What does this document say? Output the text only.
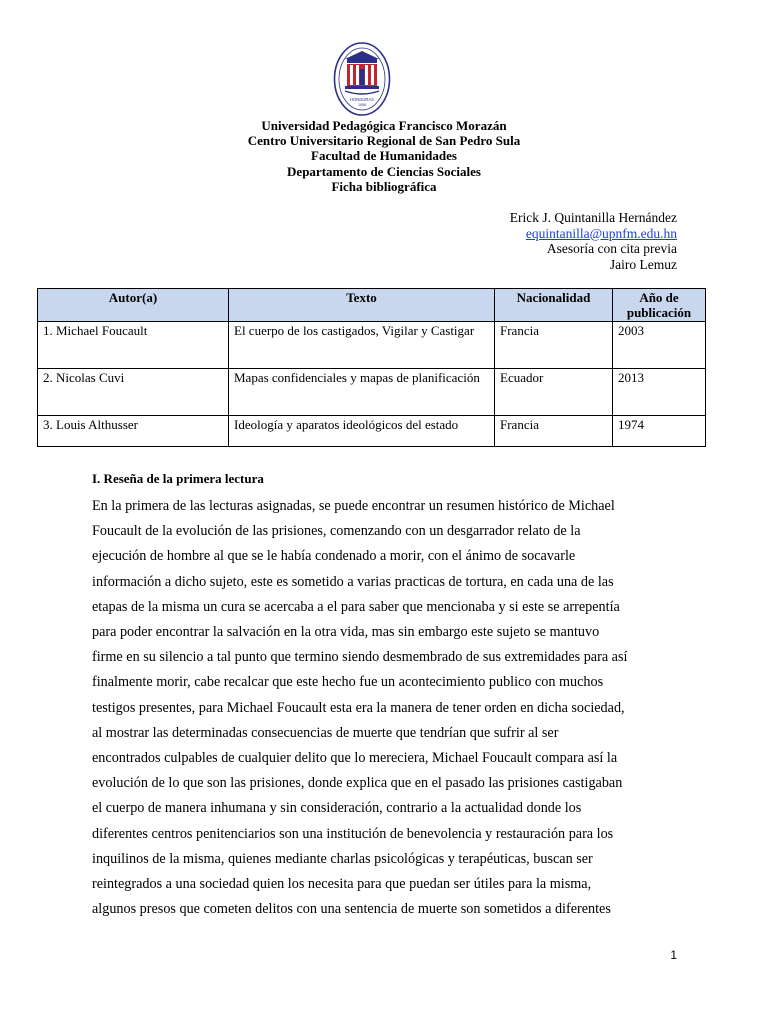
HONDURAS
1956
Universidad Pedagógica Francisco Morazán
Centro Universitario Regional de San Pedro Sula
Facultad de Humanidades
Departamento de Ciencias Sociales
Ficha bibliográfica
Erick J. Quintanilla Hernández
equintanilla@upnfm.edu.hn
Asesoría con cita previa
Jairo Lemuz
Autor(a)	Texto	Nacionalidad	Año de publicación
1. Michael Foucault	El cuerpo de los castigados, Vigilar y Castigar	Francia	2003
2. Nicolas Cuvi	Mapas confidenciales y mapas de planificación	Ecuador	2013
3. Louis Althusser	Ideología y aparatos ideológicos del estado	Francia	1974
I. Reseña de la primera lectura
En la primera de las lecturas asignadas, se puede encontrar un resumen histórico de Michael
Foucault de la evolución de las prisiones, comenzando con un desgarrador relato de la
ejecución de hombre al que se le había condenado a morir, con el ánimo de socavarle
información a dicho sujeto, este es sometido a varias practicas de tortura, en cada una de las
etapas de la misma un cura se acercaba a el para saber que mencionaba y si este se arrepentía
para poder encontrar la salvación en la otra vida, mas sin embargo este sujeto se mantuvo
firme en su silencio a tal punto que termino siendo desmembrado de sus extremidades para así
finalmente morir, cabe recalcar que este hecho fue un acontecimiento publico con muchos
testigos presentes, para Michael Foucault esta era la manera de tener orden en dicha sociedad,
al mostrar las determinadas consecuencias de muerte que tendrían que sufrir al ser
encontrados culpables de cualquier delito que lo mereciera, Michael Foucault compara así la
evolución de lo que son las prisiones, donde explica que en el pasado las prisiones castigaban
el cuerpo de manera inhumana y sin consideración, contrario a la actualidad donde los
diferentes centros penitenciarios son una institución de benevolencia y restauración para los
inquilinos de la misma, quienes mediante charlas psicológicas y terapéuticas, buscan ser
reintegrados a una sociedad quien los necesita para que puedan ser útiles para la misma,
algunos presos que cometen delitos con una sentencia de muerte son sometidos a diferentes
1
